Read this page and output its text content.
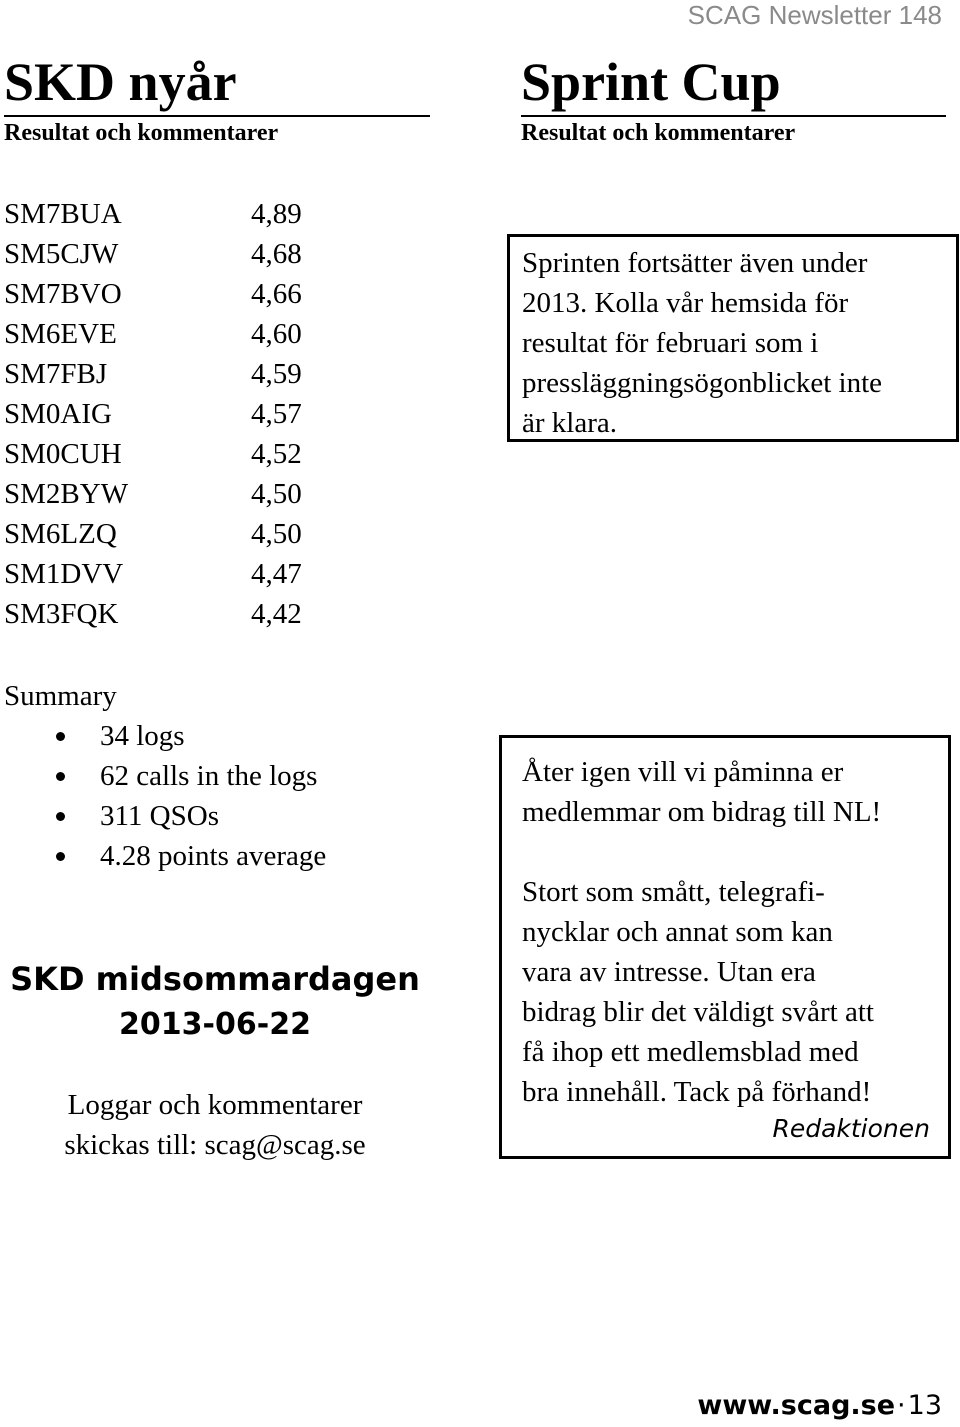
SCAG Newsletter 148
SKD nyår
Resultat och kommentarer
SM7BUA	4,89
SM5CJW	4,68
SM7BVO	4,66
SM6EVE	4,60
SM7FBJ	4,59
SM0AIG	4,57
SM0CUH	4,52
SM2BYW	4,50
SM6LZQ	4,50
SM1DVV	4,47
SM3FQK	4,42
Summary
34 logs
62 calls in the logs
311 QSOs
4.28 points average
SKD midsommardagen
2013-06-22
Loggar och kommentarer
skickas till: scag@scag.se
Sprint Cup
Resultat och kommentarer

Sprinten fortsätter även under

2013. Kolla vår hemsida för

resultat för februari som i

pressläggningsögonblicket inte

är klara.

Åter igen vill vi påminna er

medlemmar om bidrag till NL!

Stort som smått, telegrafi-

nycklar och annat som kan

vara av intresse. Utan era

bidrag blir det väldigt svårt att

få ihop ett medlemsblad med

bra innehåll. Tack på förhand!

Redaktionen
www.scag.se·13
